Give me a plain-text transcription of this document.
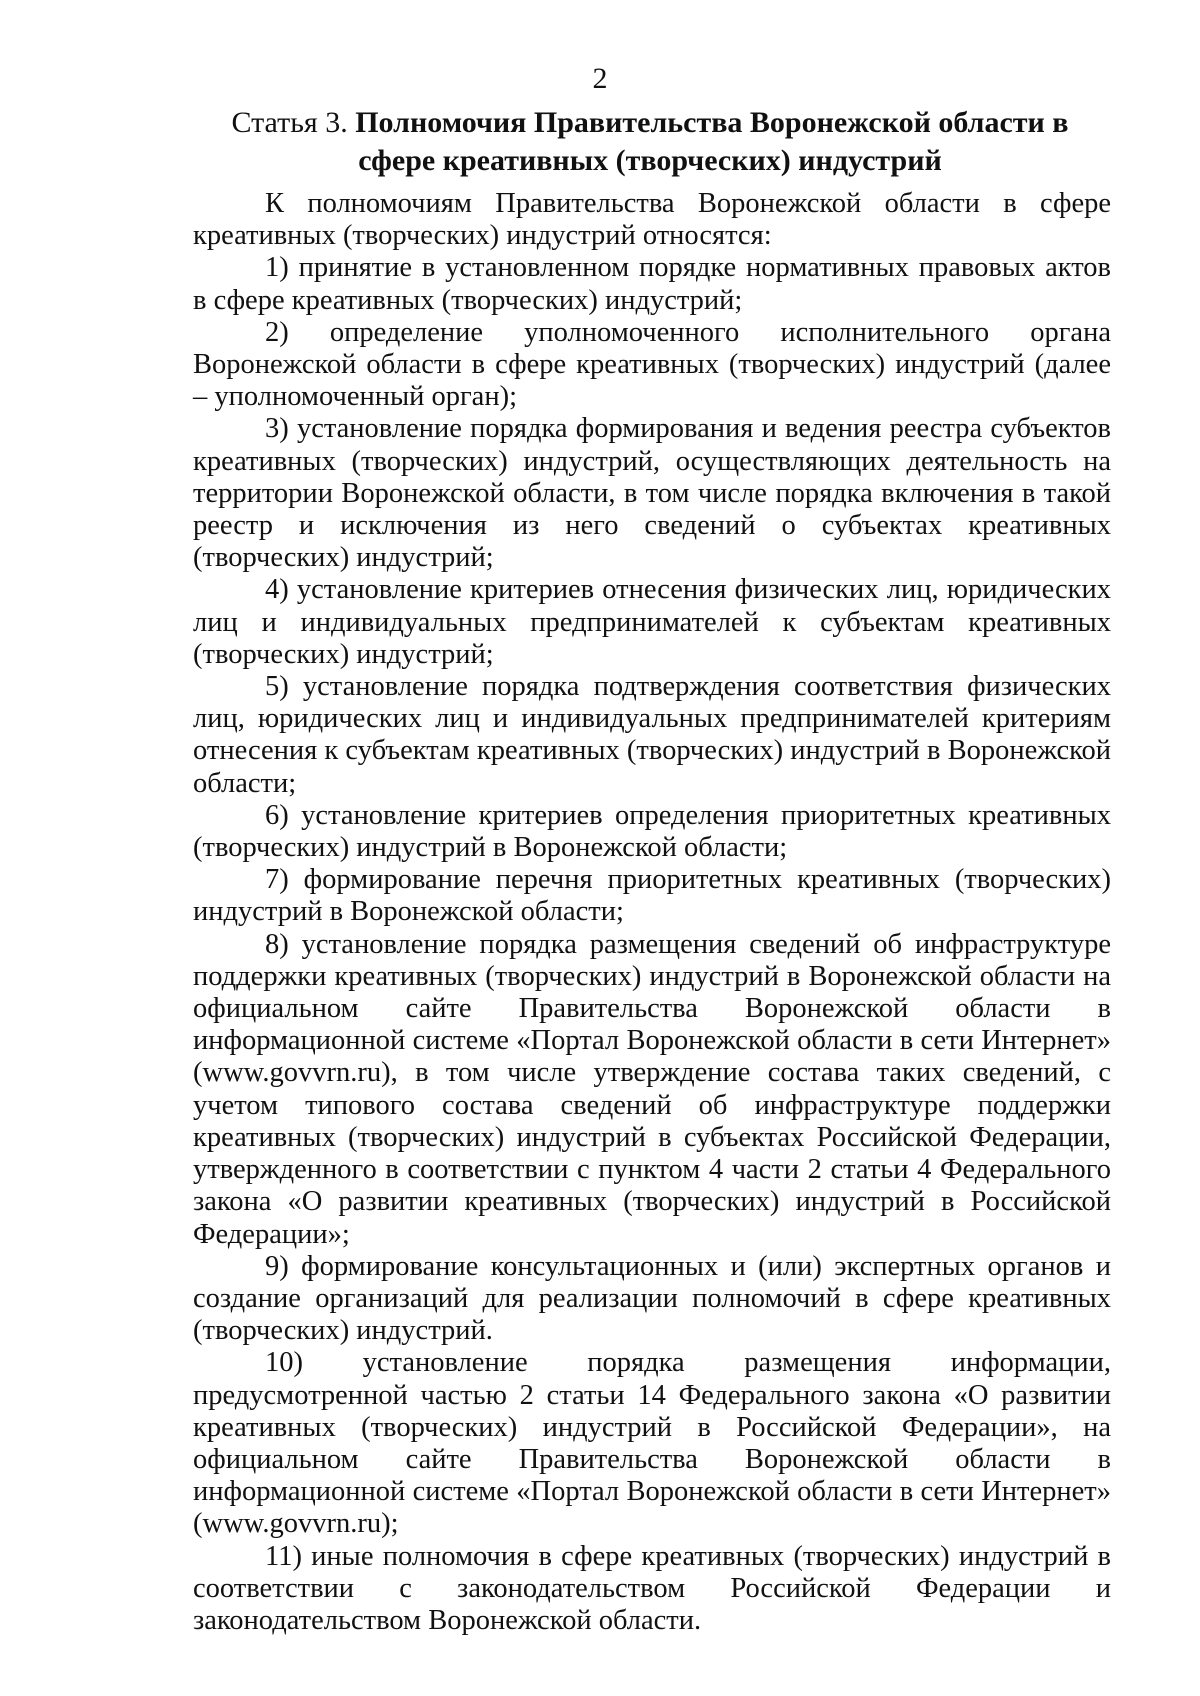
2
Статья 3. Полномочия Правительства Воронежской области в сфере креативных (творческих) индустрий

К полномочиям Правительства Воронежской области в сфере креативных (творческих) индустрий относятся:

1) принятие в установленном порядке нормативных правовых актов в сфере креативных (творческих) индустрий;

2) определение уполномоченного исполнительного органа Воронежской области в сфере креативных (творческих) индустрий (далее – уполномоченный орган);

3) установление порядка формирования и ведения реестра субъектов креативных (творческих) индустрий, осуществляющих деятельность на территории Воронежской области, в том числе порядка включения в такой реестр и исключения из него сведений о субъектах креативных (творческих) индустрий;

4) установление критериев отнесения физических лиц, юридических лиц и индивидуальных предпринимателей к субъектам креативных (творческих) индустрий;

5) установление порядка подтверждения соответствия физических лиц, юридических лиц и индивидуальных предпринимателей критериям отнесения к субъектам креативных (творческих) индустрий в Воронежской области;

6) установление критериев определения приоритетных креативных (творческих) индустрий в Воронежской области;

7) формирование перечня приоритетных креативных (творческих) индустрий в Воронежской области;

8) установление порядка размещения сведений об инфраструктуре поддержки креативных (творческих) индустрий в Воронежской области на официальном сайте Правительства Воронежской области в информационной системе «Портал Воронежской области в сети Интернет» (www.govvrn.ru), в том числе утверждение состава таких сведений, с учетом типового состава сведений об инфраструктуре поддержки креативных (творческих) индустрий в субъектах Российской Федерации, утвержденного в соответствии с пунктом 4 части 2 статьи 4 Федерального закона «О развитии креативных (творческих) индустрий в Российской Федерации»;

9) формирование консультационных и (или) экспертных органов и создание организаций для реализации полномочий в сфере креативных (творческих) индустрий.

10) установление порядка размещения информации, предусмотренной частью 2 статьи 14 Федерального закона «О развитии креативных (творческих) индустрий в Российской Федерации», на официальном сайте Правительства Воронежской области в информационной системе «Портал Воронежской области в сети Интернет» (www.govvrn.ru);

11) иные полномочия в сфере креативных (творческих) индустрий в соответствии с законодательством Российской Федерации и законодательством Воронежской области.
